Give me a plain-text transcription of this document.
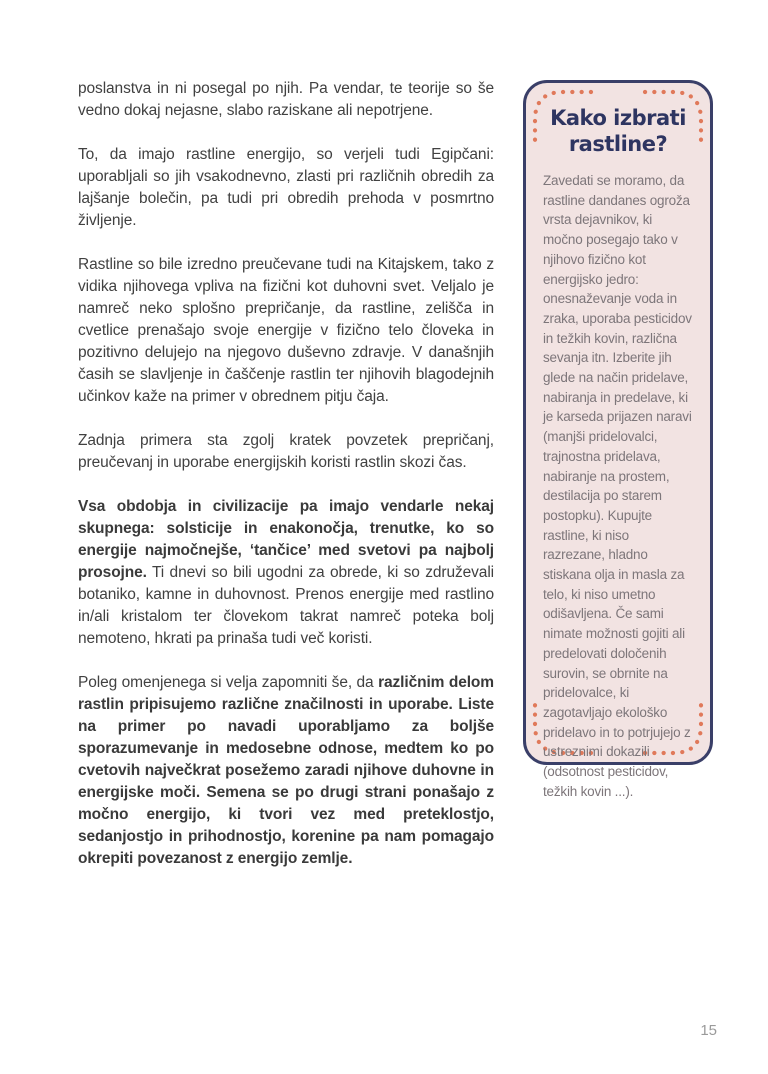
poslanstva in ni posegal po njih. Pa vendar, te teorije so še vedno dokaj nejasne, slabo raziskane ali nepotrjene.

To, da imajo rastline energijo, so verjeli tudi Egipčani: uporabljali so jih vsakodnevno, zlasti pri različnih obredih za lajšanje bolečin, pa tudi pri obredih prehoda v posmrtno življenje.

Rastline so bile izredno preučevane tudi na Kitajskem, tako z vidika njihovega vpliva na fizični kot duhovni svet. Veljalo je namreč neko splošno prepričanje, da rastline, zelišča in cvetlice prenašajo svoje energije v fizično telo človeka in pozitivno delujejo na njegovo duševno zdravje. V današnjih časih se slavljenje in čaščenje rastlin ter njihovih blagodejnih učinkov kaže na primer v obrednem pitju čaja.

Zadnja primera sta zgolj kratek povzetek prepričanj, preučevanj in uporabe energijskih koristi rastlin skozi čas.

Vsa obdobja in civilizacije pa imajo vendarle nekaj skupnega: solsticije in enakonočja, trenutke, ko so energije najmočnejše, ‘tančice’ med svetovi pa najbolj prosojne. Ti dnevi so bili ugodni za obrede, ki so združevali botaniko, kamne in duhovnost. Prenos energije med rastlino in/ali kristalom ter človekom takrat namreč poteka bolj nemoteno, hkrati pa prinaša tudi več koristi.

Poleg omenjenega si velja zapomniti še, da različnim delom rastlin pripisujemo različne značilnosti in uporabe. Liste na primer po navadi uporabljamo za boljše sporazumevanje in medosebne odnose, medtem ko po cvetovih največkrat posežemo zaradi njihove duhovne in energijske moči. Semena se po drugi strani ponašajo z močno energijo, ki tvori vez med preteklostjo, sedanjostjo in prihodnostjo, korenine pa nam pomagajo okrepiti povezanost z energijo zemlje.

Kako izbrati rastline?
Zavedati se moramo, da rastline dandanes ogroža vrsta dejavnikov, ki močno posegajo tako v njihovo fizično kot energijsko jedro: onesnaževanje voda in zraka, uporaba pesticidov in težkih kovin, različna sevanja itn. Izberite jih glede na način pridelave, nabiranja in predelave, ki je karseda prijazen naravi (manjši pridelovalci, trajnostna pridelava, nabiranje na prostem, destilacija po starem postopku). Kupujte rastline, ki niso razrezane, hladno stiskana olja in masla za telo, ki niso umetno odišavljena. Če sami nimate možnosti gojiti ali predelovati določenih surovin, se obrnite na pridelovalce, ki zagotavljajo ekološko pridelavo in to potrjujejo z ustreznimi dokazili (odsotnost pesticidov, težkih kovin ...).
15
